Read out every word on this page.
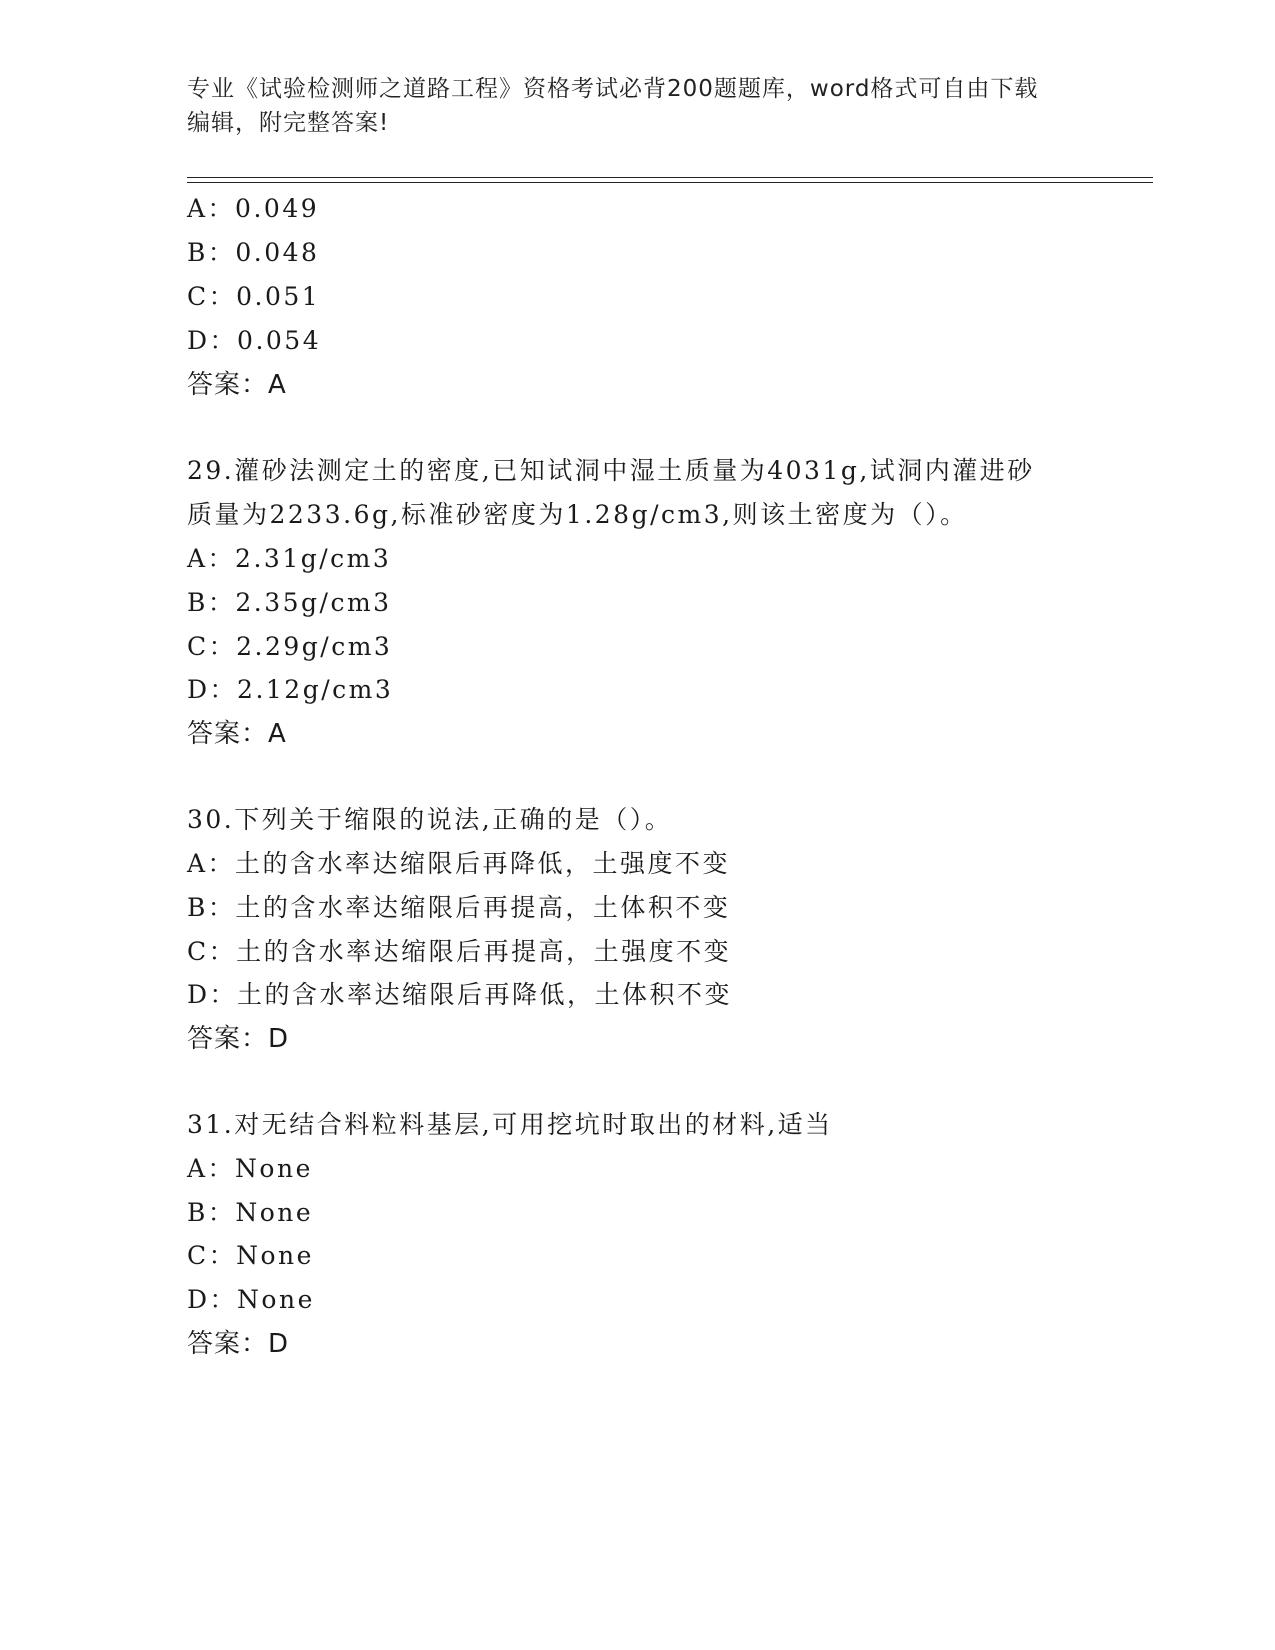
专业《试验检测师之道路工程》资格考试必背200题题库，word格式可自由下载
编辑，附完整答案!
A：0.049
B：0.048
C：0.051
D：0.054
答案：A
29.灌砂法测定土的密度,已知试洞中湿土质量为4031g,试洞内灌进砂
质量为2233.6g,标准砂密度为1.28g/cm3,则该土密度为（）。
A：2.31g/cm3
B：2.35g/cm3
C：2.29g/cm3
D：2.12g/cm3
答案：A
30.下列关于缩限的说法,正确的是（）。
A：土的含水率达缩限后再降低，土强度不变
B：土的含水率达缩限后再提高，土体积不变
C：土的含水率达缩限后再提高，土强度不变
D：土的含水率达缩限后再降低，土体积不变
答案：D
31.对无结合料粒料基层,可用挖坑时取出的材料,适当
A：None
B：None
C：None
D：None
答案：D
